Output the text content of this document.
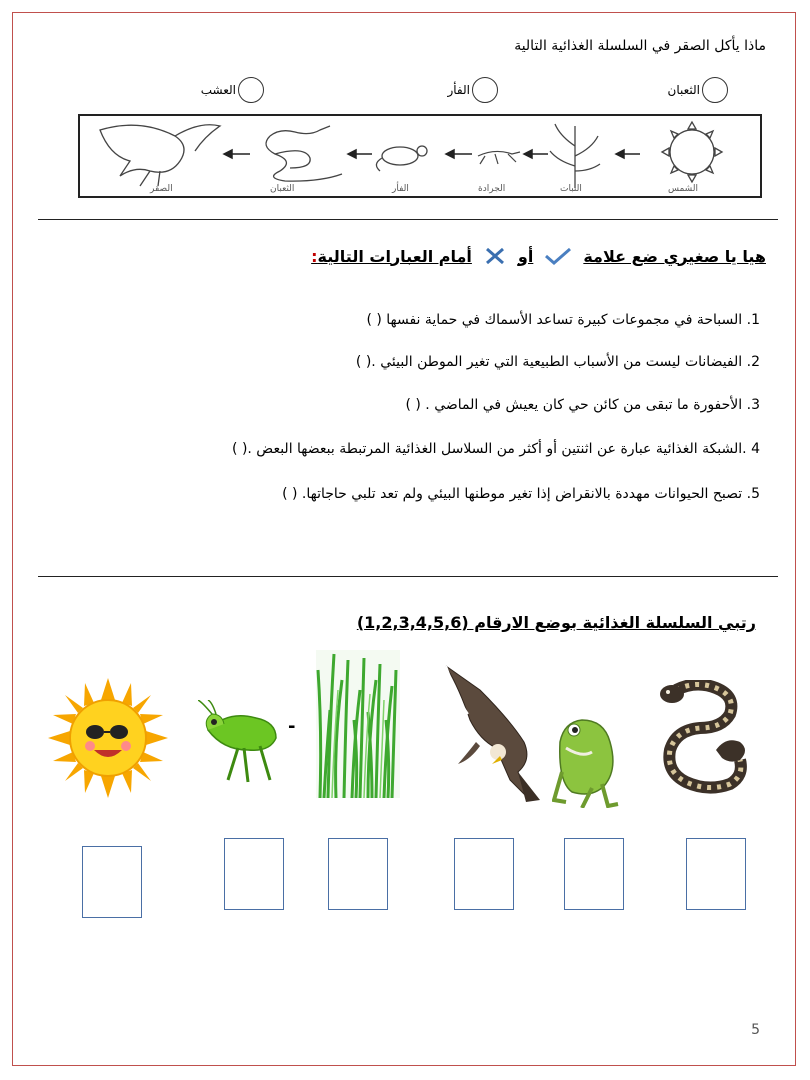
ماذا يأكل الصقر في السلسلة الغذائية التالية
الثعبان
الفأر
العشب
الشمس
النبات
الجرادة
الفأر
الثعبان
الصقر
هيا يا صغيري ضع علامة
أو
أمام العبارات التالية:
1. السباحة في مجموعات كبيرة تساعد الأسماك في حماية نفسها ( )
2. الفيضانات ليست من الأسباب الطبيعية التي تغير الموطن البيئي .( )
3. الأحفورة ما تبقى من كائن حي كان يعيش في الماضي . ( )
4 .الشبكة الغذائية عبارة عن اثنتين أو أكثر من السلاسل الغذائية المرتبطة ببعضها البعض .( )
5. تصبح الحيوانات مهددة بالانقراض إذا تغير موطنها البيئي ولم تعد تلبي حاجاتها. ( )
رتبي السلسلة الغذائية بوضع الارقام (1,2,3,4,5,6)
-
5
